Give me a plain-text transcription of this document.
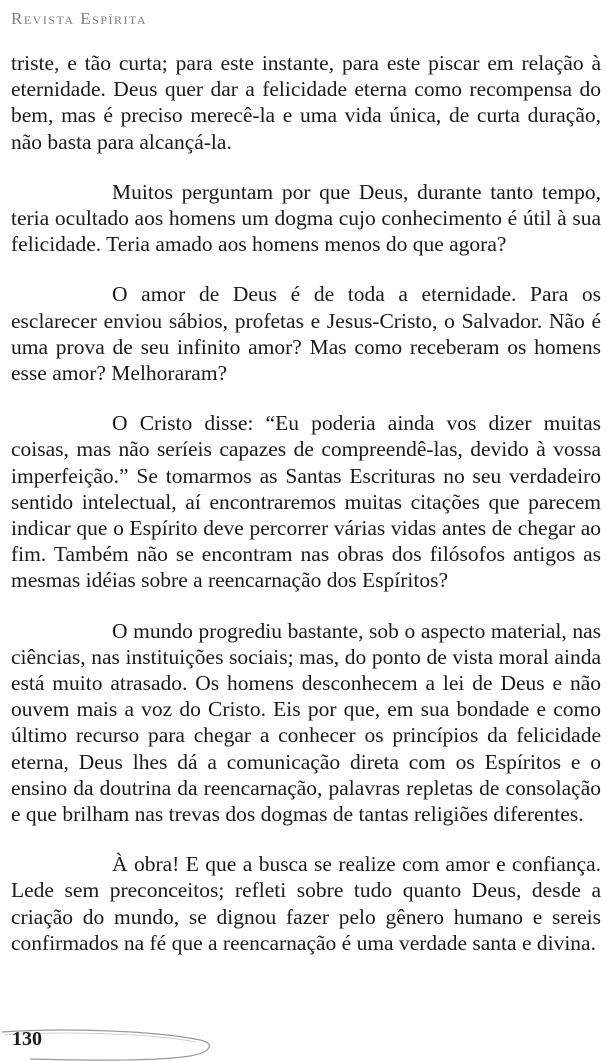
Revista Espírita

triste, e tão curta; para este instante, para este piscar em relação à eternidade. Deus quer dar a felicidade eterna como recompensa do bem, mas é preciso merecê-la e uma vida única, de curta duração, não basta para alcançá-la.

Muitos perguntam por que Deus, durante tanto tempo, teria ocultado aos homens um dogma cujo conhecimento é útil à sua felicidade. Teria amado aos homens menos do que agora?

O amor de Deus é de toda a eternidade. Para os esclarecer enviou sábios, profetas e Jesus-Cristo, o Salvador. Não é uma prova de seu infinito amor? Mas como receberam os homens esse amor? Melhoraram?

O Cristo disse: “Eu poderia ainda vos dizer muitas coisas, mas não seríeis capazes de compreendê-las, devido à vossa imperfeição.” Se tomarmos as Santas Escrituras no seu verdadeiro sentido intelectual, aí encontraremos muitas citações que parecem indicar que o Espírito deve percorrer várias vidas antes de chegar ao fim. Também não se encontram nas obras dos filósofos antigos as mesmas idéias sobre a reencarnação dos Espíritos?

O mundo progrediu bastante, sob o aspecto material, nas ciências, nas instituições sociais; mas, do ponto de vista moral ainda está muito atrasado. Os homens desconhecem a lei de Deus e não ouvem mais a voz do Cristo. Eis por que, em sua bondade e como último recurso para chegar a conhecer os princípios da felicidade eterna, Deus lhes dá a comunicação direta com os Espíritos e o ensino da doutrina da reencarnação, palavras repletas de consolação e que brilham nas trevas dos dogmas de tantas religiões diferentes.

À obra! E que a busca se realize com amor e confiança. Lede sem preconceitos; refleti sobre tudo quanto Deus, desde a criação do mundo, se dignou fazer pelo gênero humano e sereis confirmados na fé que a reencarnação é uma verdade santa e divina.

130
